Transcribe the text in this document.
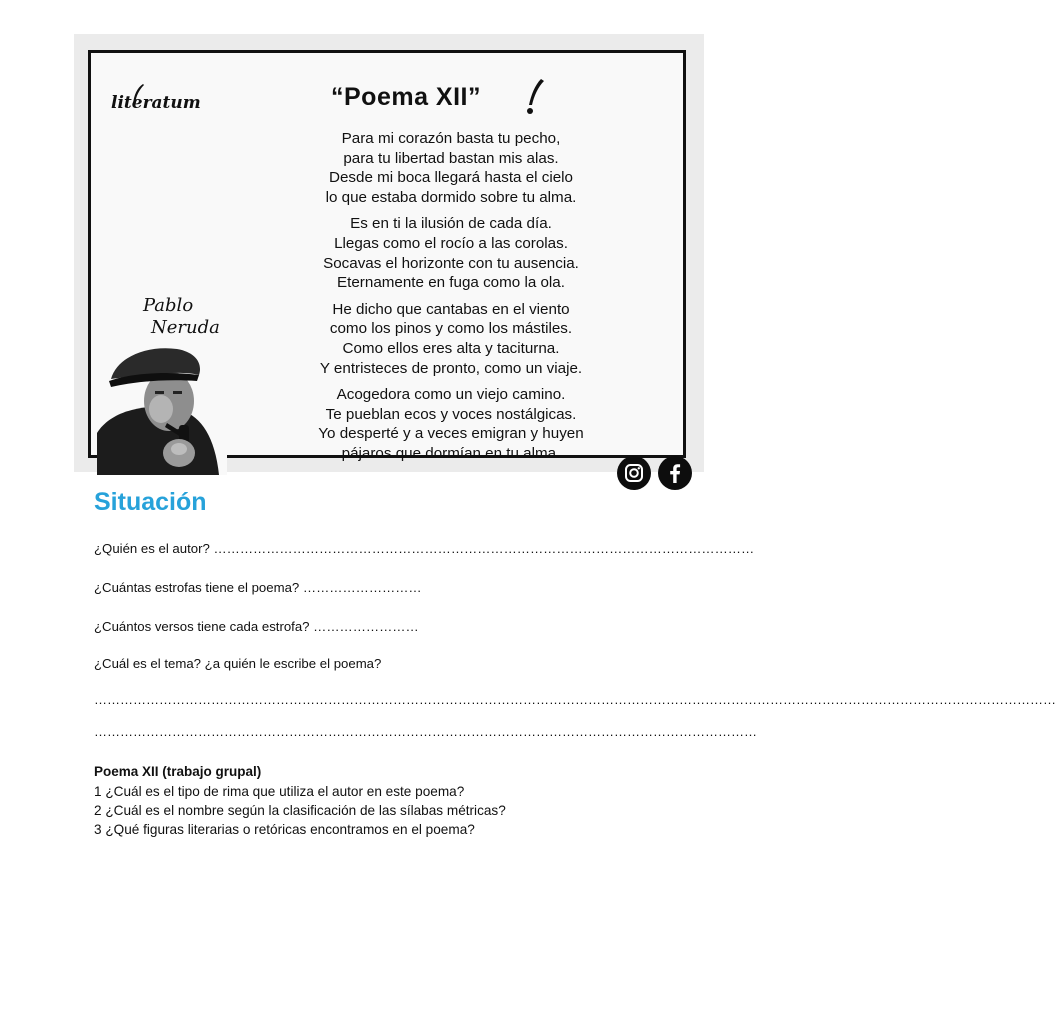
literatum	“Poema XII”
Para mi corazón basta tu pecho,
para tu libertad bastan mis alas.
Desde mi boca llegará hasta el cielo
lo que estaba dormido sobre tu alma.
Es en ti la ilusión de cada día.
Llegas como el rocío a las corolas.
Socavas el horizonte con tu ausencia.
Eternamente en fuga como la ola.
He dicho que cantabas en el viento
como los pinos y como los mástiles.
Como ellos eres alta y taciturna.
Y entristeces de pronto, como un viaje.
Acogedora como un viejo camino.
Te pueblan ecos y voces nostálgicas.
Yo desperté y a veces emigran y huyen
pájaros que dormían en tu alma.
Pablo
Neruda
Situación
¿Quién es el autor? ……………………………………………………………………………………………………………
¿Cuántas estrofas tiene el poema? ………………………
¿Cuántos versos tiene cada estrofa? ……………………
¿Cuál es el tema? ¿a quién le escribe el poema?
……………………………………………………………………………………………………………………………………………………………………………………………………
………………………………………………………………………………………………………………………………………
Poema XII (trabajo grupal)
1 ¿Cuál es el tipo de rima que utiliza el autor en este poema?
2 ¿Cuál es el nombre según la clasificación de las sílabas métricas?
3 ¿Qué figuras literarias o retóricas encontramos en el poema?
